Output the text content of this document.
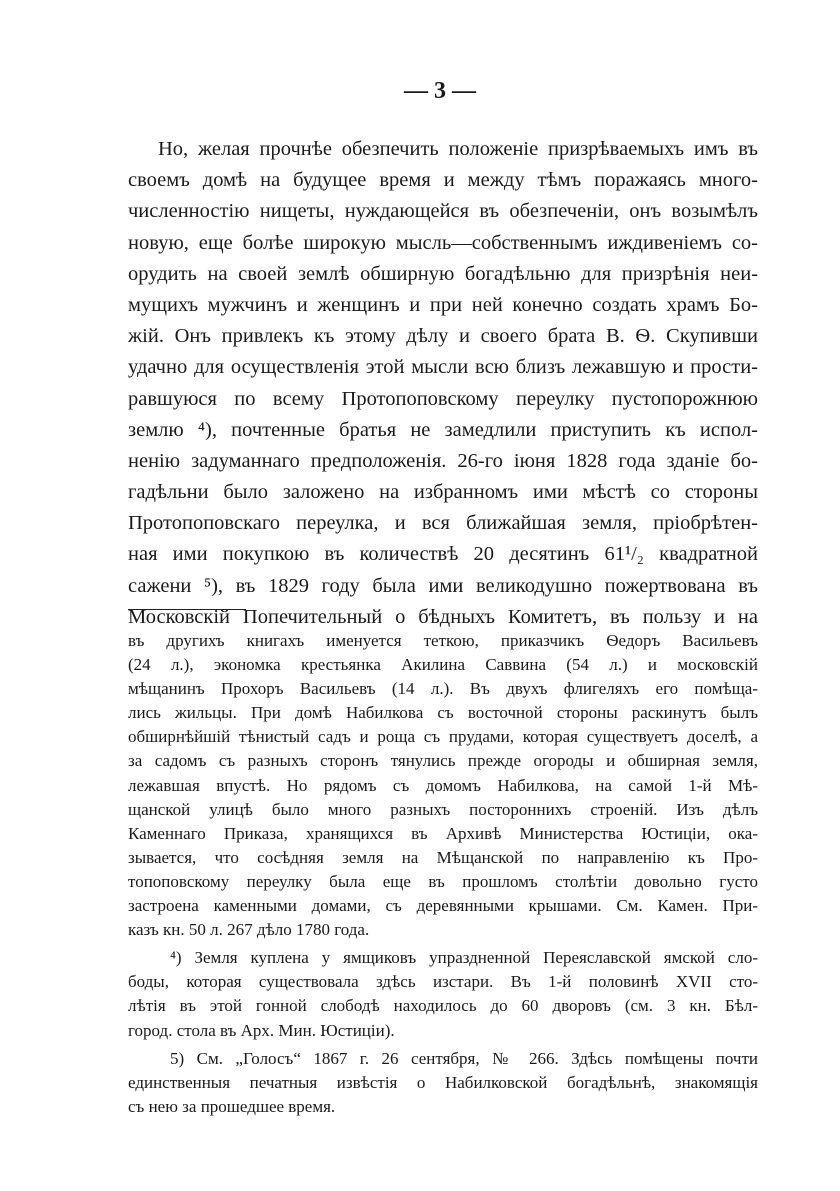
— 3 —
Но, желая прочнѣе обезпечить положеніе призрѣваемыхъ имъ въ
своемъ домѣ на будущее время и между тѣмъ поражаясь много-
численностію нищеты, нуждающейся въ обезпеченіи, онъ возымѣлъ
новую, еще болѣе широкую мысль—собственнымъ иждивеніемъ со-
орудить на своей землѣ обширную богадѣльню для призрѣнія неи-
мущихъ мужчинъ и женщинъ и при ней конечно создать храмъ Бо-
жій. Онъ привлекъ къ этому дѣлу и своего брата В. Ѳ. Скупивши
удачно для осуществленія этой мысли всю близъ лежавшую и прости-
равшуюся по всему Протопоповскому переулку пустопорожнюю
землю ⁴), почтенные братья не замедлили приступить къ испол-
ненію задуманнаго предположенія. 26-го іюня 1828 года зданіе бо-
гадѣльни было заложено на избранномъ ими мѣстѣ со стороны
Протопоповскаго переулка, и вся ближайшая земля, пріобрѣтен-
ная ими покупкою въ количествѣ 20 десятинъ 61¹/₂ квадратной
сажени ⁵), въ 1829 году была ими великодушно пожертвована въ
Московскій Попечительный о бѣдныхъ Комитетъ, въ пользу и на
въ другихъ книгахъ именуется теткою, приказчикъ Ѳедоръ Васильевъ
(24 л.), экономка крестьянка Акилина Саввина (54 л.) и московскій
мѣщанинъ Прохоръ Васильевъ (14 л.). Въ двухъ флигеляхъ его помѣща-
лись жильцы. При домѣ Набилкова съ восточной стороны раскинутъ былъ
обширнѣйшій тѣнистый садъ и роща съ прудами, которая существуетъ доселѣ, а
за садомъ съ разныхъ сторонъ тянулись прежде огороды и обширная земля,
лежавшая впустѣ. Но рядомъ съ домомъ Набилкова, на самой 1-й Мѣ-
щанской улицѣ было много разныхъ постороннихъ строеній. Изъ дѣлъ
Каменнаго Приказа, хранящихся въ Архивѣ Министерства Юстиціи, ока-
зывается, что сосѣдняя земля на Мѣщанской по направленію къ Про-
топоповскому переулку была еще въ прошломъ столѣтіи довольно густо
застроена каменными домами, съ деревянными крышами. См. Камен. При-
казъ кн. 50 л. 267 дѣло 1780 года.
⁴) Земля куплена у ямщиковъ упраздненной Переяславской ямской сло-
боды, которая существовала здѣсь изстари. Въ 1-й половинѣ XVII сто-
лѣтія въ этой гонной слободѣ находилось до 60 дворовъ (см. 3 кн. Бѣл-
город. стола въ Арх. Мин. Юстиціи).
5) См. „Голосъ“ 1867 г. 26 сентября, № 266. Здѣсь помѣщены почти
единственныя печатныя извѣстія о Набилковской богадѣльнѣ, знакомящія
съ нею за прошедшее время.
